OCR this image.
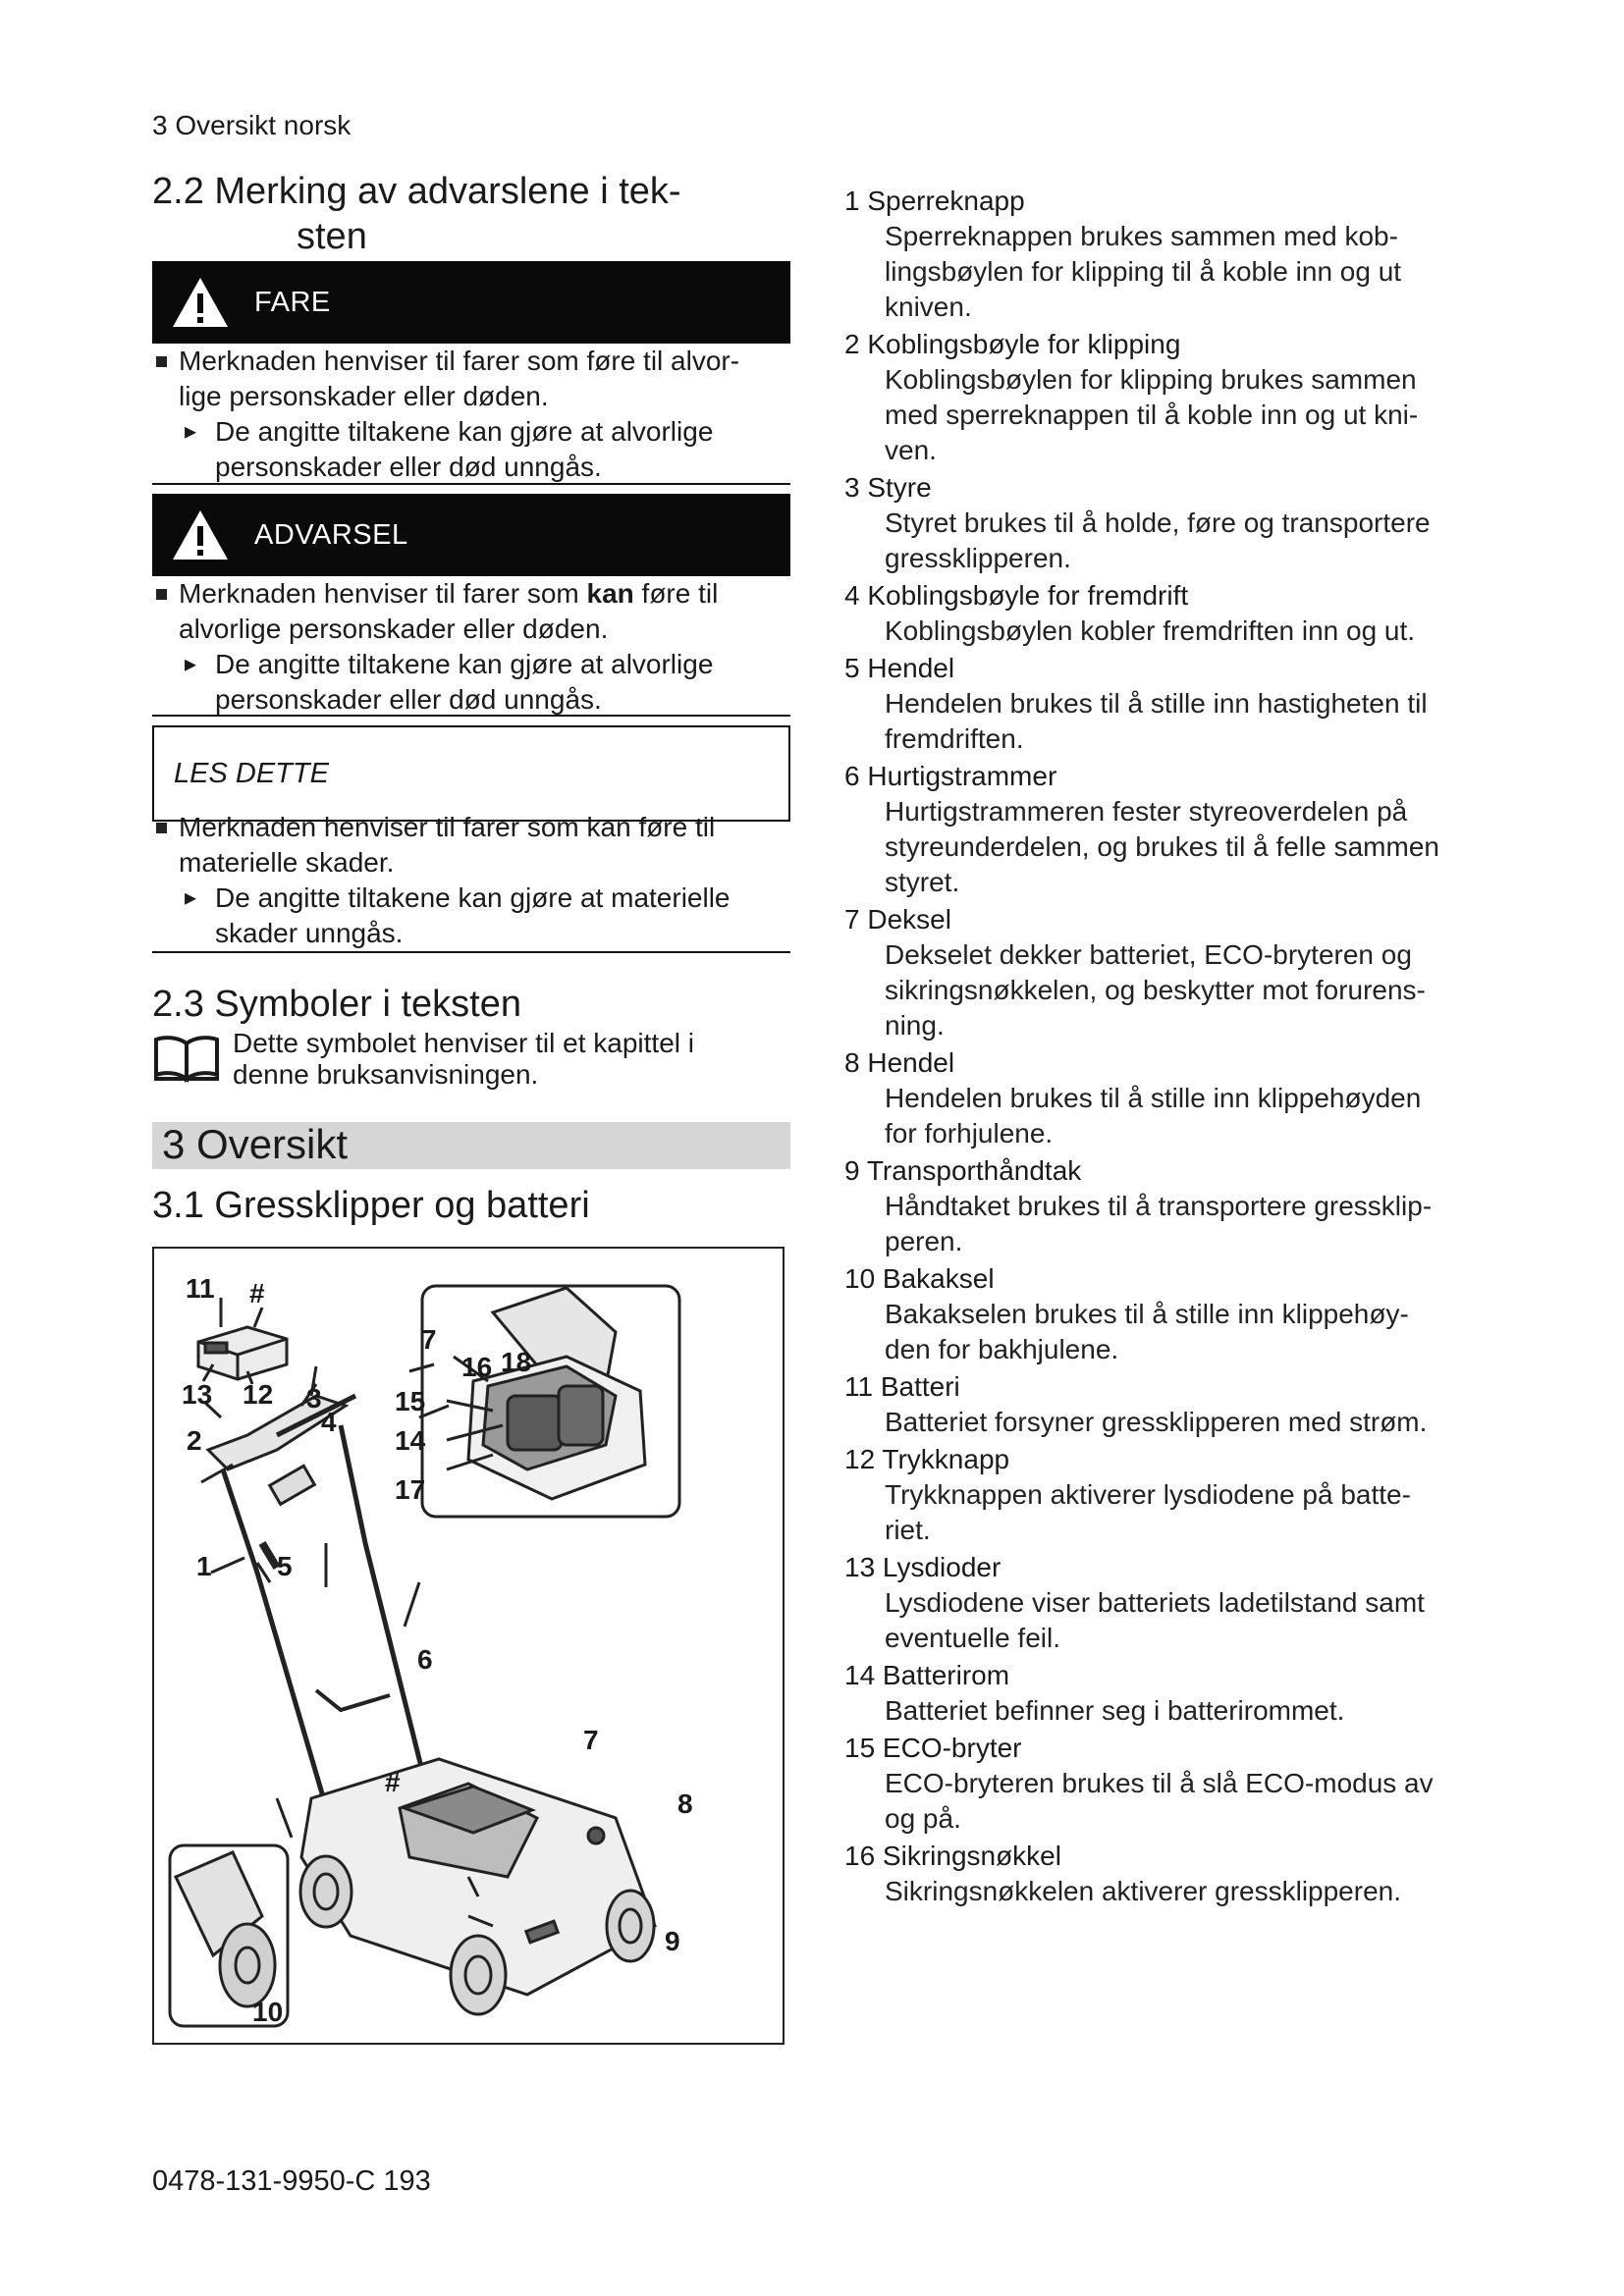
3 Oversikt norsk
2.2 Merking av advarslene i tek-
sten
FARE
Merknaden henviser til farer som føre til alvor-
lige personskader eller døden.
▸ De angitte tiltakene kan gjøre at alvorlige
personskader eller død unngås.
ADVARSEL
Merknaden henviser til farer som kan føre til
alvorlige personskader eller døden.
▸ De angitte tiltakene kan gjøre at alvorlige
personskader eller død unngås.
LES DETTE
Merknaden henviser til farer som kan føre til
materielle skader.
▸ De angitte tiltakene kan gjøre at materielle
skader unngås.
2.3 Symboler i teksten
Dette symbolet henviser til et kapittel i
denne bruksanvisningen.
3 Oversikt
3.1 Gressklipper og batteri
11 #
13 12 3
4
2
1 5
7
16 18
15
14
17
6
7
#
8
9
10
1 Sperreknapp
Sperreknappen brukes sammen med kob-
lingsbøylen for klipping til å koble inn og ut
kniven.
2 Koblingsbøyle for klipping
Koblingsbøylen for klipping brukes sammen
med sperreknappen til å koble inn og ut kni-
ven.
3 Styre
Styret brukes til å holde, føre og transportere
gressklipperen.
4 Koblingsbøyle for fremdrift
Koblingsbøylen kobler fremdriften inn og ut.
5 Hendel
Hendelen brukes til å stille inn hastigheten til
fremdriften.
6 Hurtigstrammer
Hurtigstrammeren fester styreoverdelen på
styreunderdelen, og brukes til å felle sammen
styret.
7 Deksel
Dekselet dekker batteriet, ECO-bryteren og
sikringsnøkkelen, og beskytter mot forurens-
ning.
8 Hendel
Hendelen brukes til å stille inn klippehøyden
for forhjulene.
9 Transporthåndtak
Håndtaket brukes til å transportere gressklip-
peren.
10 Bakaksel
Bakakselen brukes til å stille inn klippehøy-
den for bakhjulene.
11 Batteri
Batteriet forsyner gressklipperen med strøm.
12 Trykknapp
Trykknappen aktiverer lysdiodene på batte-
riet.
13 Lysdioder
Lysdiodene viser batteriets ladetilstand samt
eventuelle feil.
14 Batterirom
Batteriet befinner seg i batterirommet.
15 ECO-bryter
ECO-bryteren brukes til å slå ECO-modus av
og på.
16 Sikringsnøkkel
Sikringsnøkkelen aktiverer gressklipperen.
0478-131-9950-C 193
